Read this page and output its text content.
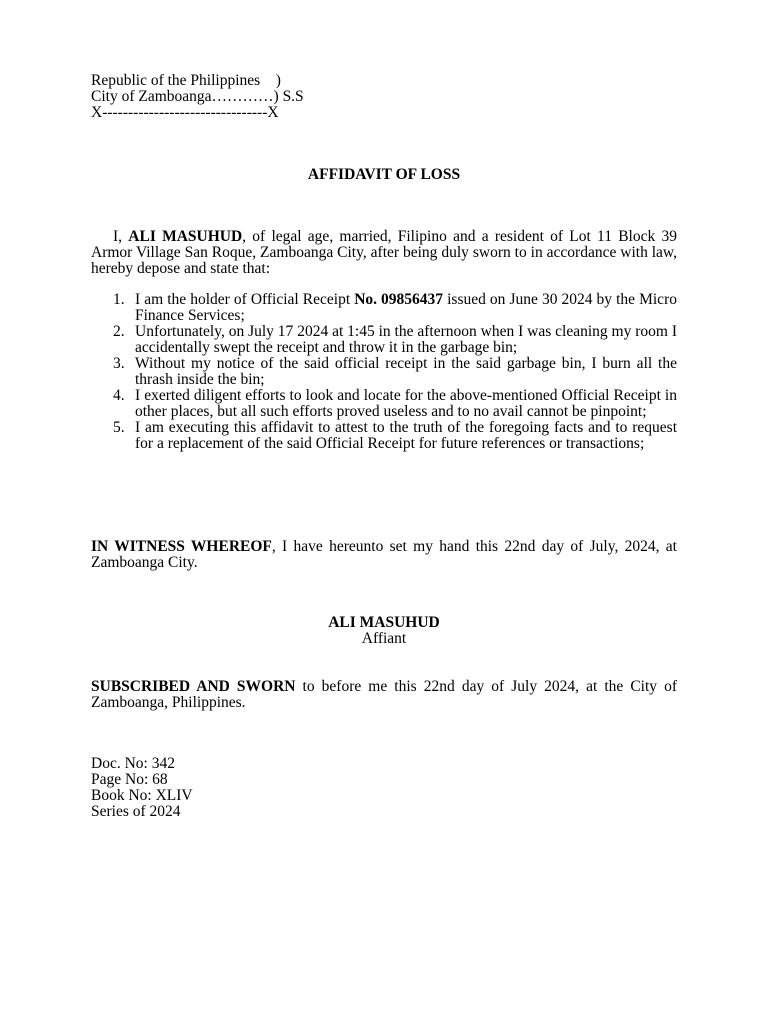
Republic of the Philippines    )
City of Zamboanga…………) S.S
X--------------------------------X
AFFIDAVIT OF LOSS
I, ALI MASUHUD, of legal age, married, Filipino and a resident of Lot 11 Block 39 Armor Village San Roque, Zamboanga City, after being duly sworn to in accordance with law, hereby depose and state that:
1. I am the holder of Official Receipt No. 09856437 issued on June 30 2024 by the Micro Finance Services;
2. Unfortunately, on July 17 2024 at 1:45 in the afternoon when I was cleaning my room I accidentally swept the receipt and throw it in the garbage bin;
3. Without my notice of the said official receipt in the said garbage bin, I burn all the thrash inside the bin;
4. I exerted diligent efforts to look and locate for the above-mentioned Official Receipt in other places, but all such efforts proved useless and to no avail cannot be pinpoint;
5. I am executing this affidavit to attest to the truth of the foregoing facts and to request for a replacement of the said Official Receipt for future references or transactions;
IN WITNESS WHEREOF, I have hereunto set my hand this 22nd day of July, 2024, at Zamboanga City.
ALI MASUHUD
Affiant
SUBSCRIBED AND SWORN to before me this 22nd day of July 2024, at the City of Zamboanga, Philippines.
Doc. No: 342
Page No: 68
Book No: XLIV
Series of 2024
